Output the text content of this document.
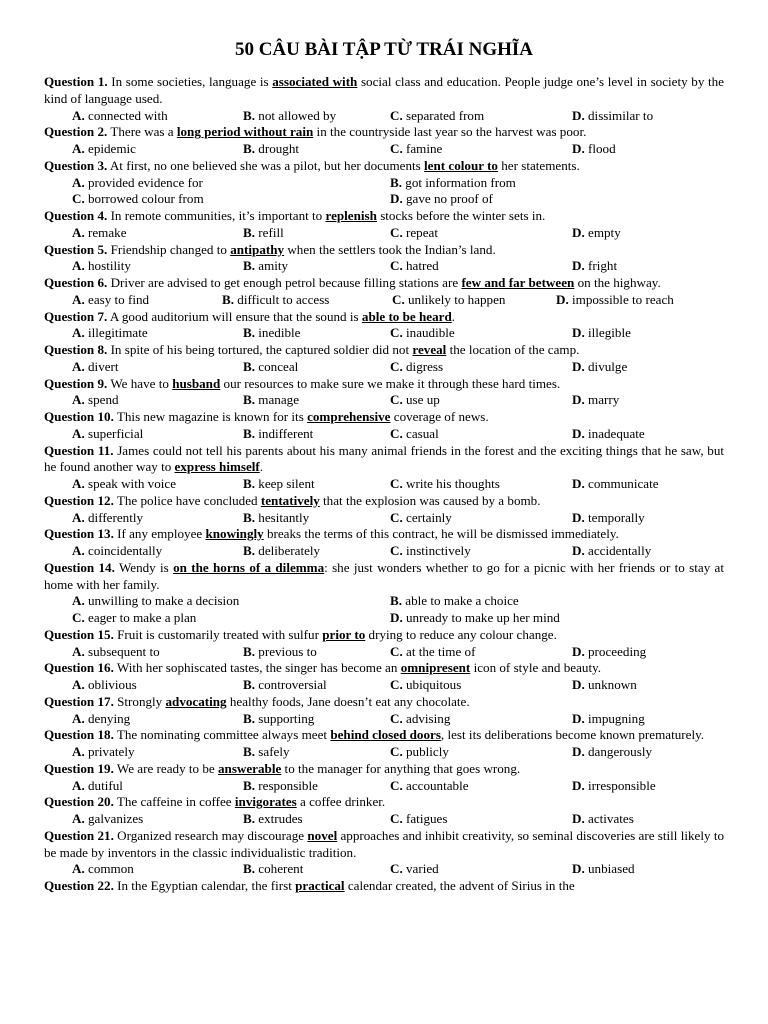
50 CÂU BÀI TẬP TỪ TRÁI NGHĨA

Question 1. In some societies, language is associated with social class and education. People judge one’s level in society by the kind of language used.

A. connected with	B. not allowed by	C. separated from	D. dissimilar to

Question 2. There was a long period without rain in the countryside last year so the harvest was poor.

A. epidemic	B. drought	C. famine	D. flood

Question 3. At first, no one believed she was a pilot, but her documents lent colour to her statements.

A. provided evidence for	B. got information from
C. borrowed colour from	D. gave no proof of

Question 4. In remote communities, it’s important to replenish stocks before the winter sets in.

A. remake	B. refill	C. repeat	D. empty

Question 5. Friendship changed to antipathy when the settlers took the Indian’s land.

A. hostility	B. amity	C. hatred	D. fright

Question 6. Driver are advised to get enough petrol because filling stations are few and far between on the highway.

A. easy to find	B. difficult to access	C. unlikely to happen	D. impossible to reach

Question 7. A good auditorium will ensure that the sound is able to be heard.

A. illegitimate	B. inedible	C. inaudible	D. illegible

Question 8. In spite of his being tortured, the captured soldier did not reveal the location of the camp.

A. divert	B. conceal	C. digress	D. divulge

Question 9. We have to husband our resources to make sure we make it through these hard times.

A. spend	B. manage	C. use up	D. marry

Question 10. This new magazine is known for its comprehensive coverage of news.

A. superficial	B. indifferent	C. casual	D. inadequate

Question 11. James could not tell his parents about his many animal friends in the forest and the exciting things that he saw, but he found another way to express himself.

A. speak with voice	B. keep silent	C. write his thoughts	D. communicate

Question 12. The police have concluded tentatively that the explosion was caused by a bomb.

A. differently	B. hesitantly	C. certainly	D. temporally

Question 13. If any employee knowingly breaks the terms of this contract, he will be dismissed immediately.

A. coincidentally	B. deliberately	C. instinctively	D. accidentally

Question 14. Wendy is on the horns of a dilemma: she just wonders whether to go for a picnic with her friends or to stay at home with her family.

A. unwilling to make a decision	B. able to make a choice
C. eager to make a plan	D. unready to make up her mind

Question 15. Fruit is customarily treated with sulfur prior to drying to reduce any colour change.

A. subsequent to	B. previous to	C. at the time of	D. proceeding

Question 16. With her sophiscated tastes, the singer has become an omnipresent icon of style and beauty.

A. oblivious	B. controversial	C. ubiquitous	D. unknown

Question 17. Strongly advocating healthy foods, Jane doesn’t eat any chocolate.

A. denying	B. supporting	C. advising	D. impugning

Question 18. The nominating committee always meet behind closed doors, lest its deliberations become known prematurely.

A. privately	B. safely	C. publicly	D. dangerously

Question 19. We are ready to be answerable to the manager for anything that goes wrong.

A. dutiful	B. responsible	C. accountable	D. irresponsible

Question 20. The caffeine in coffee invigorates a coffee drinker.

A. galvanizes	B. extrudes	C. fatigues	D. activates

Question 21. Organized research may discourage novel approaches and inhibit creativity, so seminal discoveries are still likely to be made by inventors in the classic individualistic tradition.

A. common	B. coherent	C. varied	D. unbiased

Question 22. In the Egyptian calendar, the first practical calendar created, the advent of Sirius in the
